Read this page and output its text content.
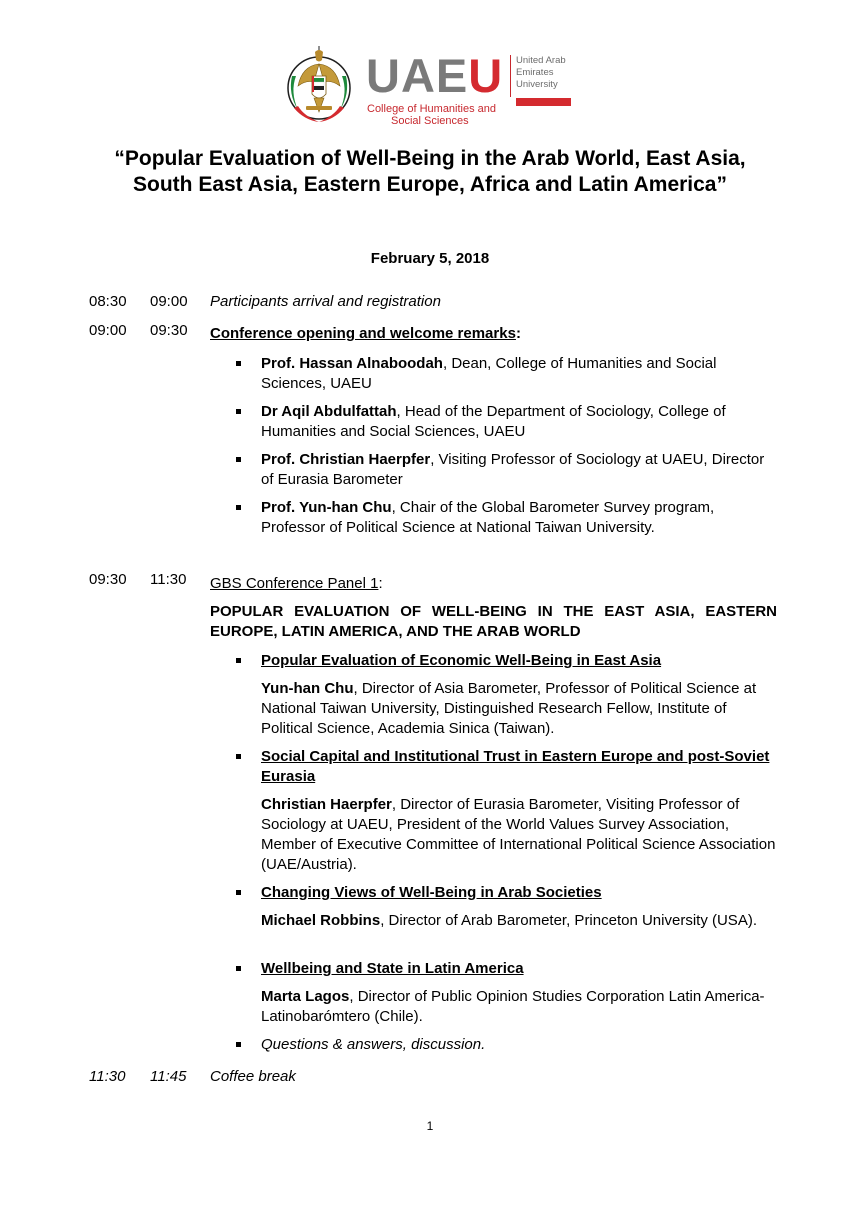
UAEU
College of Humanities and
Social Sciences
United Arab
Emirates
University
“Popular Evaluation of Well-Being in the Arab World, East Asia, South East Asia, Eastern Europe, Africa and Latin America”

February 5, 2018

08:30 09:00 Participants arrival and registration
09:00 09:30 Conference opening and welcome remarks:

Prof. Hassan Alnaboodah, Dean, College of Humanities and Social Sciences, UAEU

Dr Aqil Abdulfattah, Head of the Department of Sociology, College of Humanities and Social Sciences, UAEU

Prof. Christian Haerpfer, Visiting Professor of Sociology at UAEU, Director of Eurasia Barometer

Prof. Yun-han Chu, Chair of the Global Barometer Survey program, Professor of Political Science at National Taiwan University.

09:30 11:30 GBS Conference Panel 1:

POPULAR EVALUATION OF WELL-BEING IN THE EAST ASIA, EASTERN EUROPE, LATIN AMERICA, AND THE ARAB WORLD

Popular Evaluation of Economic Well-Being in East Asia

Yun-han Chu, Director of Asia Barometer, Professor of Political Science at National Taiwan University, Distinguished Research Fellow, Institute of Political Science, Academia Sinica (Taiwan).

Social Capital and Institutional Trust in Eastern Europe and post-Soviet Eurasia

Christian Haerpfer, Director of Eurasia Barometer, Visiting Professor of Sociology at UAEU, President of the World Values Survey Association, Member of Executive Committee of International Political Science Association (UAE/Austria).

Changing Views of Well-Being in Arab Societies

Michael Robbins, Director of Arab Barometer, Princeton University (USA).

Wellbeing and State in Latin America

Marta Lagos, Director of Public Opinion Studies Corporation Latin America-Latinobarómtero (Chile).

Questions & answers, discussion.

11:30 11:45 Coffee break
1
